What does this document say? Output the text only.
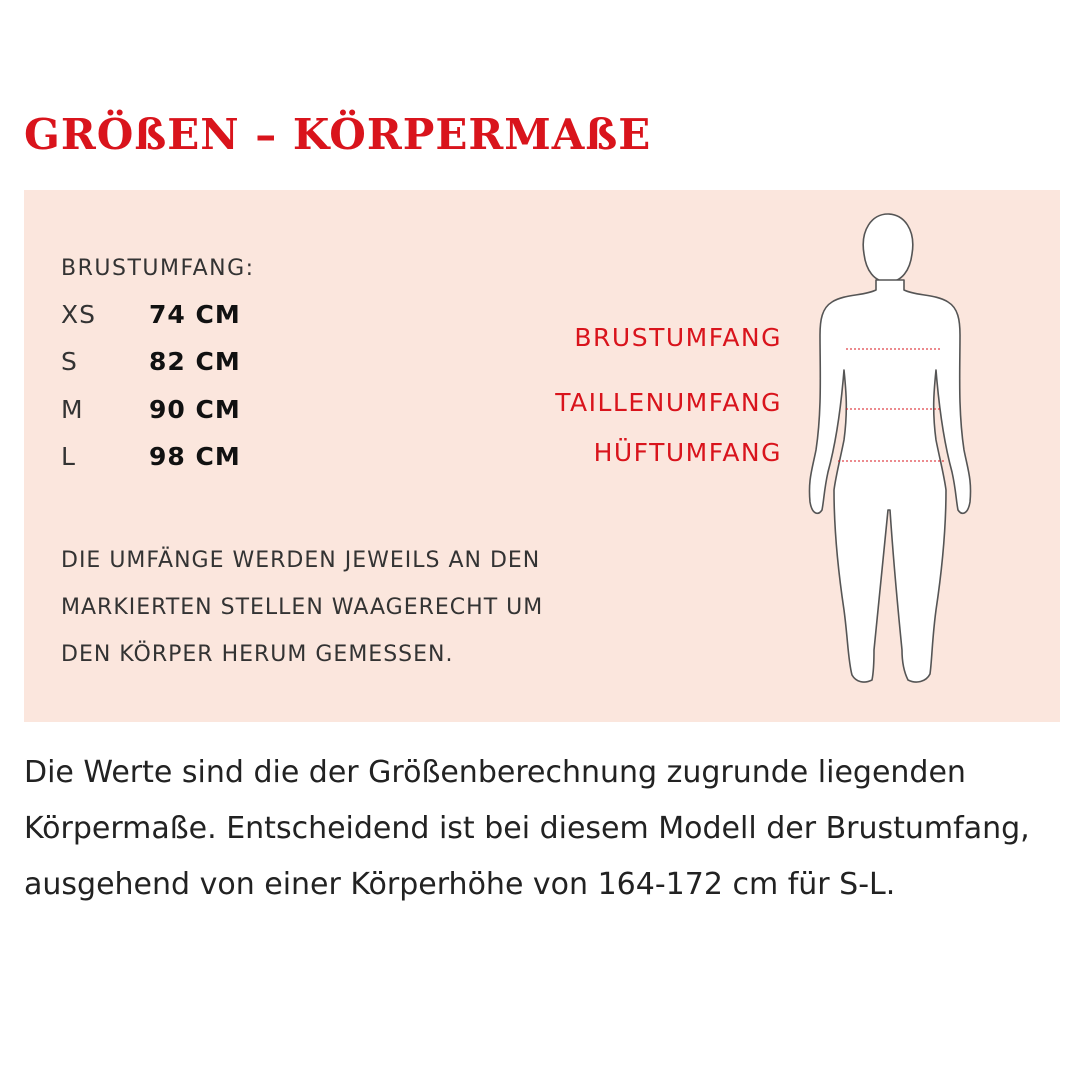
GRÖßEN – KÖRPERMAßE
BRUSTUMFANG:
XS 74 CM
S	82 CM
M	90 CM
L	98 CM
DIE UMFÄNGE WERDEN JEWEILS AN DEN
MARKIERTEN STELLEN WAAGERECHT UM
DEN KÖRPER HERUM GEMESSEN.
BRUSTUMFANG
TAILLENUMFANG
HÜFTUMFANG
Die Werte sind die der Größenberechnung zugrunde liegenden
Körpermaße. Entscheidend ist bei diesem Modell der Brustumfang,
ausgehend von einer Körperhöhe von 164-172 cm für S-L.
